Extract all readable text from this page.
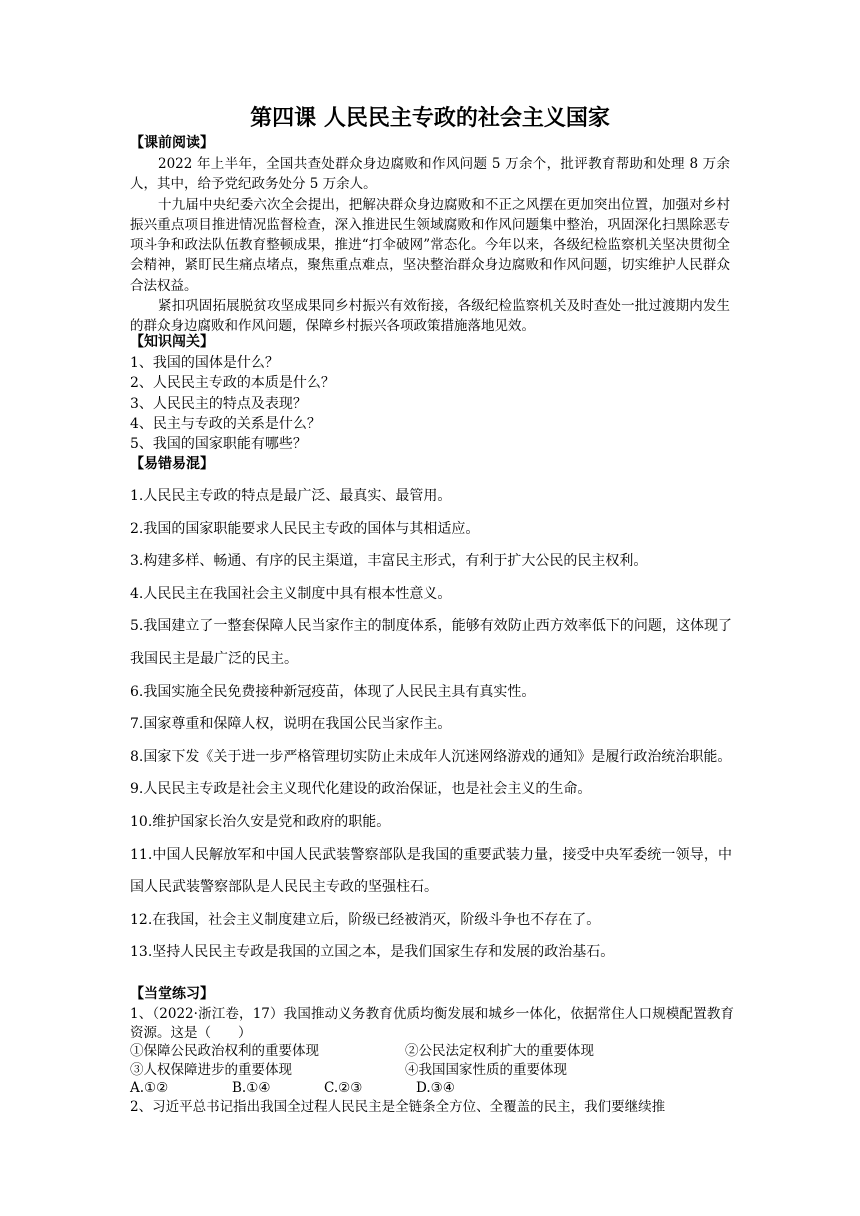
第四课 人民民主专政的社会主义国家
【课前阅读】

2022 年上半年，全国共查处群众身边腐败和作风问题 5 万余个，批评教育帮助和处理 8 万余人，其中，给予党纪政务处分 5 万余人。

十九届中央纪委六次全会提出，把解决群众身边腐败和不正之风摆在更加突出位置，加强对乡村振兴重点项目推进情况监督检查，深入推进民生领域腐败和作风问题集中整治，巩固深化扫黑除恶专项斗争和政法队伍教育整顿成果，推进“打伞破网”常态化。今年以来，各级纪检监察机关坚决贯彻全会精神，紧盯民生痛点堵点，聚焦重点难点，坚决整治群众身边腐败和作风问题，切实维护人民群众合法权益。

紧扣巩固拓展脱贫攻坚成果同乡村振兴有效衔接，各级纪检监察机关及时查处一批过渡期内发生的群众身边腐败和作风问题，保障乡村振兴各项政策措施落地见效。

【知识闯关】
1、我国的国体是什么？
2、人民民主专政的本质是什么？
3、人民民主的特点及表现？
4、民主与专政的关系是什么？
5、我国的国家职能有哪些？
【易错易混】

1.人民民主专政的特点是最广泛、最真实、最管用。

2.我国的国家职能要求人民民主专政的国体与其相适应。

3.构建多样、畅通、有序的民主渠道，丰富民主形式，有利于扩大公民的民主权利。

4.人民民主在我国社会主义制度中具有根本性意义。

5.我国建立了一整套保障人民当家作主的制度体系，能够有效防止西方效率低下的问题，这体现了我国民主是最广泛的民主。

6.我国实施全民免费接种新冠疫苗，体现了人民民主具有真实性。

7.国家尊重和保障人权，说明在我国公民当家作主。

8.国家下发《关于进一步严格管理切实防止未成年人沉迷网络游戏的通知》是履行政治统治职能。

9.人民民主专政是社会主义现代化建设的政治保证，也是社会主义的生命。

10.维护国家长治久安是党和政府的职能。

11.中国人民解放军和中国人民武装警察部队是我国的重要武装力量，接受中央军委统一领导，中国人民武装警察部队是人民民主专政的坚强柱石。

12.在我国，社会主义制度建立后，阶级已经被消灭，阶级斗争也不存在了。

13.坚持人民民主专政是我国的立国之本，是我们国家生存和发展的政治基石。

【当堂练习】

1、（2022·浙江卷，17）我国推动义务教育优质均衡发展和城乡一体化，依据常住人口规模配置教育资源。这是（　　）

①保障公民政治权利的重要体现	②公民法定权利扩大的重要体现
③人权保障进步的重要体现	④我国国家性质的重要体现
A.①②	B.①④	C.②③	D.③④

2、习近平总书记指出我国全过程人民民主是全链条全方位、全覆盖的民主，我们要继续推
